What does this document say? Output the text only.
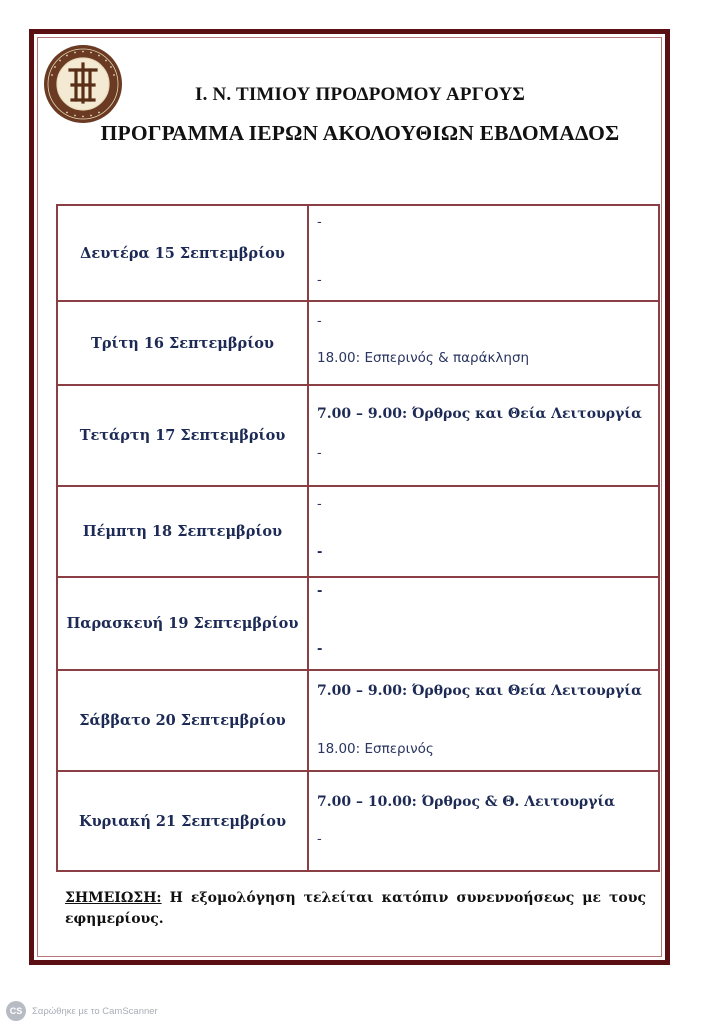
Ι. Ν. ΤΙΜΙΟΥ ΠΡΟΔΡΟΜΟΥ ΑΡΓΟΥΣ
ΠΡΟΓΡΑΜΜΑ ΙΕΡΩΝ ΑΚΟΛΟΥΘΙΩΝ ΕΒΔΟΜΑΔΟΣ
Δευτέρα 15 Σεπτεμβρίου	-
-

Τρίτη 16 Σεπτεμβρίου	-
18.00: Εσπερινός & παράκληση

Τετάρτη 17 Σεπτεμβρίου	7.00 – 9.00: Όρθρος και Θεία Λειτουργία
-

Πέμπτη 18 Σεπτεμβρίου	-
-

Παρασκευή 19 Σεπτεμβρίου	-
-

Σάββατο 20 Σεπτεμβρίου	7.00 – 9.00: Όρθρος και Θεία Λειτουργία
18.00: Εσπερινός

Κυριακή 21 Σεπτεμβρίου	7.00 – 10.00: Όρθρος & Θ. Λειτουργία
-
ΣΗΜΕΙΩΣΗ: Η εξομολόγηση τελείται κατόπιν συνεννοήσεως με τους εφημερίους.
CS	Σαρώθηκε με το CamScanner
